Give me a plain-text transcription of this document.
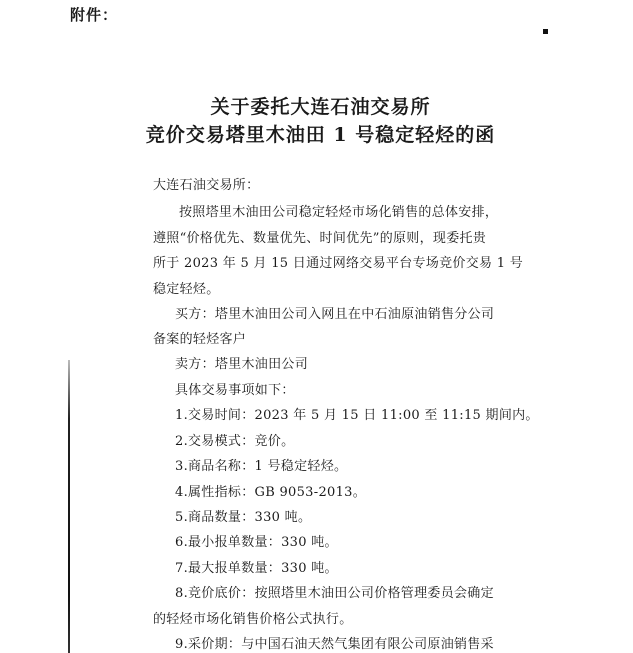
附件：
关于委托大连石油交易所
竞价交易塔里木油田 1 号稳定轻烃的函
大连石油交易所：
按照塔里木油田公司稳定轻烃市场化销售的总体安排，
遵照“价格优先、数量优先、时间优先”的原则，现委托贵
所于 2023 年 5 月 15 日通过网络交易平台专场竞价交易 1 号
稳定轻烃。
买方：塔里木油田公司入网且在中石油原油销售分公司
备案的轻烃客户
卖方：塔里木油田公司
具体交易事项如下：
1.交易时间：2023 年 5 月 15 日 11:00 至 11:15 期间内。
2.交易模式：竞价。
3.商品名称：1 号稳定轻烃。
4.属性指标：GB 9053-2013。
5.商品数量：330 吨。
6.最小报单数量：330 吨。
7.最大报单数量：330 吨。
8.竞价底价：按照塔里木油田公司价格管理委员会确定
的轻烃市场化销售价格公式执行。
9.采价期：与中国石油天然气集团有限公司原油销售采
